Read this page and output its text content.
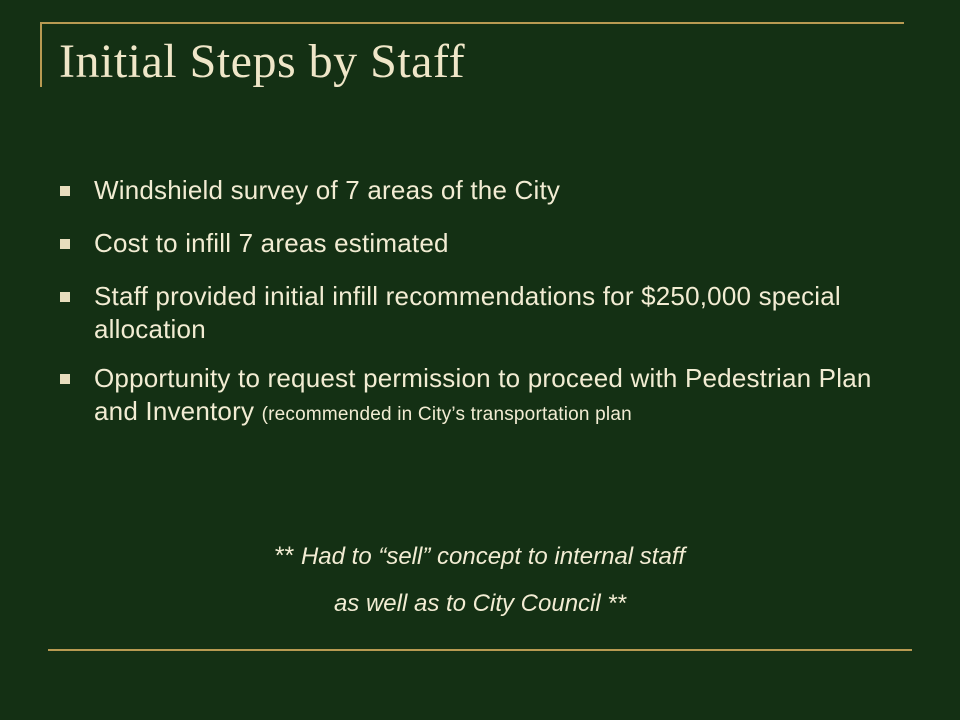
Initial Steps by Staff
Windshield survey of 7 areas of the City
Cost to infill 7 areas estimated
Staff provided initial infill recommendations for $250,000 special allocation
Opportunity to request permission to proceed with Pedestrian Plan and Inventory (recommended in City’s transportation plan
** Had to “sell” concept to internal staff
as well as to City Council **
